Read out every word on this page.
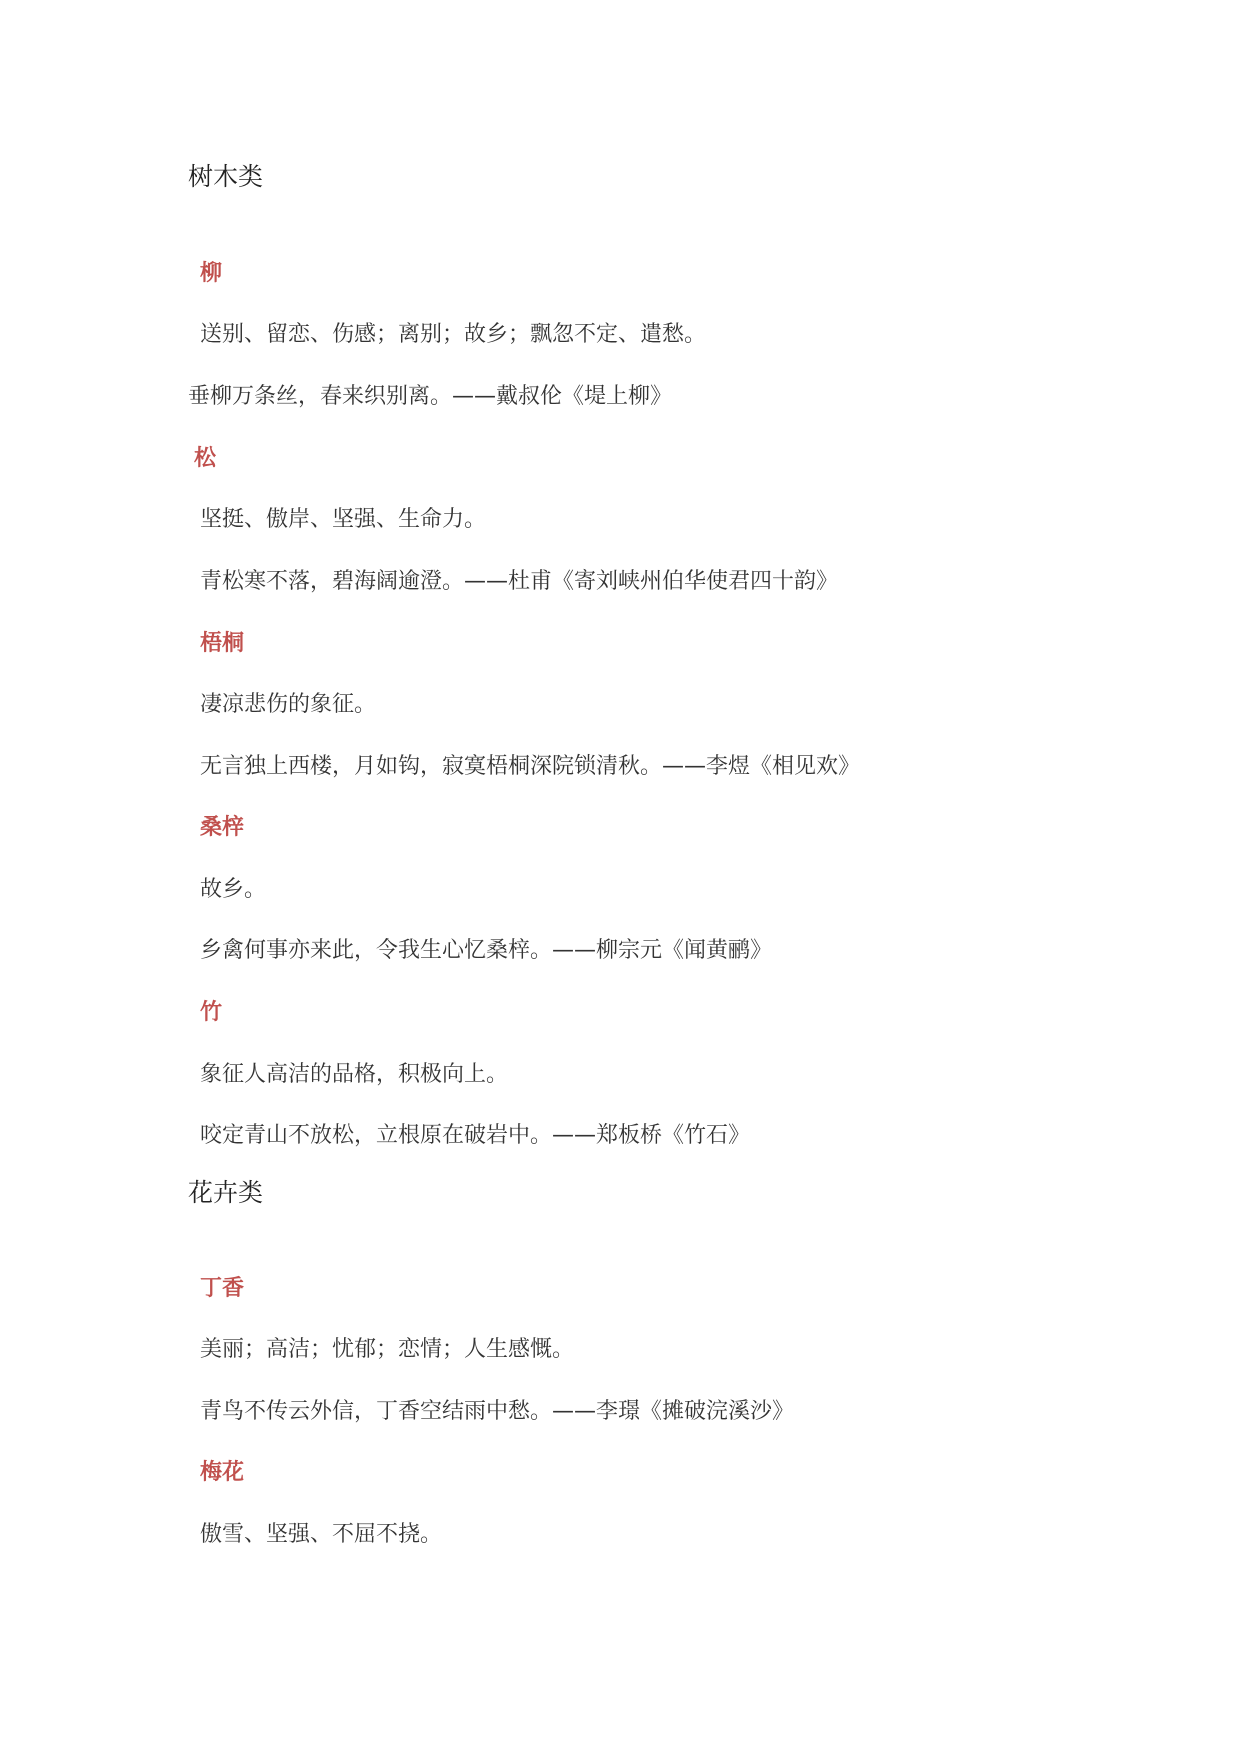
树木类
柳
送别、留恋、伤感；离别；故乡；飘忽不定、遣愁。
垂柳万条丝，春来织别离。——戴叔伦《堤上柳》
松
坚挺、傲岸、坚强、生命力。
青松寒不落，碧海阔逾澄。——杜甫《寄刘峡州伯华使君四十韵》
梧桐
凄凉悲伤的象征。
无言独上西楼，月如钩，寂寞梧桐深院锁清秋。——李煜《相见欢》
桑梓
故乡。
乡禽何事亦来此，令我生心忆桑梓。——柳宗元《闻黄鹂》
竹
象征人高洁的品格，积极向上。
咬定青山不放松，立根原在破岩中。——郑板桥《竹石》
花卉类
丁香
美丽；高洁；忧郁；恋情；人生感慨。
青鸟不传云外信，丁香空结雨中愁。——李璟《摊破浣溪沙》
梅花
傲雪、坚强、不屈不挠。
